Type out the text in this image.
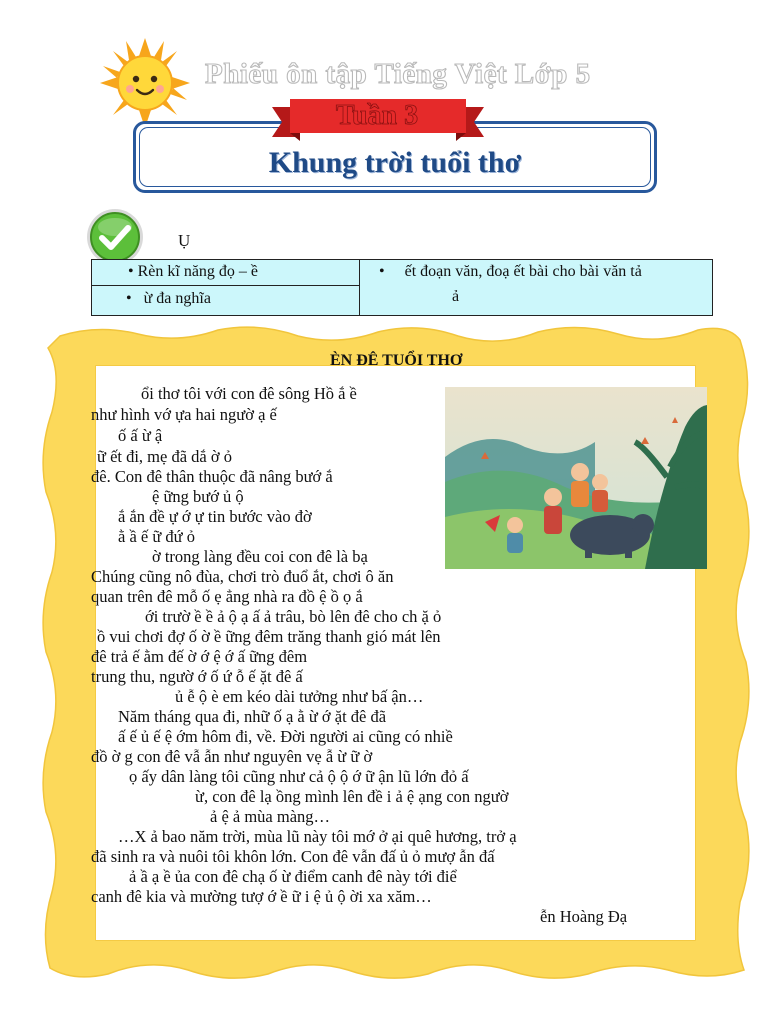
Phiếu ôn tập Tiếng Việt Lớp 5
Tuần 3
Khung trời tuổi thơ
Ụ
• Rèn kĩ năng đọ – ề
•   ừ đa nghĩa
•     ết đoạn văn, đoạ ết bài cho bài văn tả
ả
ÈN ĐÊ TUỔI THƠ
ổi thơ tôi với con đê sông Hồ ắ ề
như hình vớ ựa hai ngườ ạ ế
ố ấ ừ ậ
ữ ết đi, mẹ đã dắ ờ ỏ
đê. Con đê thân thuộc đã nâng bướ ắ
ệ ững bướ ủ ộ
ắ ắn đề ự ớ ự tin bước vào đờ
ằ ầ ế ữ đứ ỏ
ờ trong làng đều coi con đê là bạ
Chúng cũng nô đùa, chơi trò đuổ ắt, chơi ô ăn
quan trên đê mỗ ố ẹ ẳng nhà ra đồ ệ ồ ọ ắ
ới trườ ề ề ả ộ ạ ấ ả trâu, bò lên đê cho ch ặ ỏ
ồ vui chơi đợ ố ờ ề ững đêm trăng thanh gió mát lên
đê trả ế ằm đế ờ ớ ệ ớ ấ ững đêm
trung thu, ngườ ớ ố ứ ỗ ế ặt đê ấ
ủ ễ ộ è em kéo dài tưởng như bấ ận…
Năm tháng qua đi, nhữ ố ạ ằ ừ ớ ặt đê đã
ấ ế ủ ế ệ ớm hôm đi, về. Đời người ai cũng có nhiề
đồ ờ g con đê vẫ ẫn như nguyên vẹ ẫ ừ ữ ờ
ọ ấy dân làng tôi cũng như cả ộ ộ ớ ữ ận lũ lớn đỏ ấ
ừ, con đê lạ ồng mình lên đề i ả ệ ạng con ngườ
ả ệ ả mùa màng…
…X ả bao năm trời, mùa lũ này tôi mớ ở ại quê hương, trở ạ
đã sinh ra và nuôi tôi khôn lớn. Con đê vẫn đấ ủ ỏ mượ ẫn đấ
ả ầ ạ ề ủa con đê chạ ố ừ điểm canh đê này tới điể
canh đê kia và mường tượ ớ ề ữ i ệ ủ ộ ời xa xăm…
ễn Hoàng Đạ
